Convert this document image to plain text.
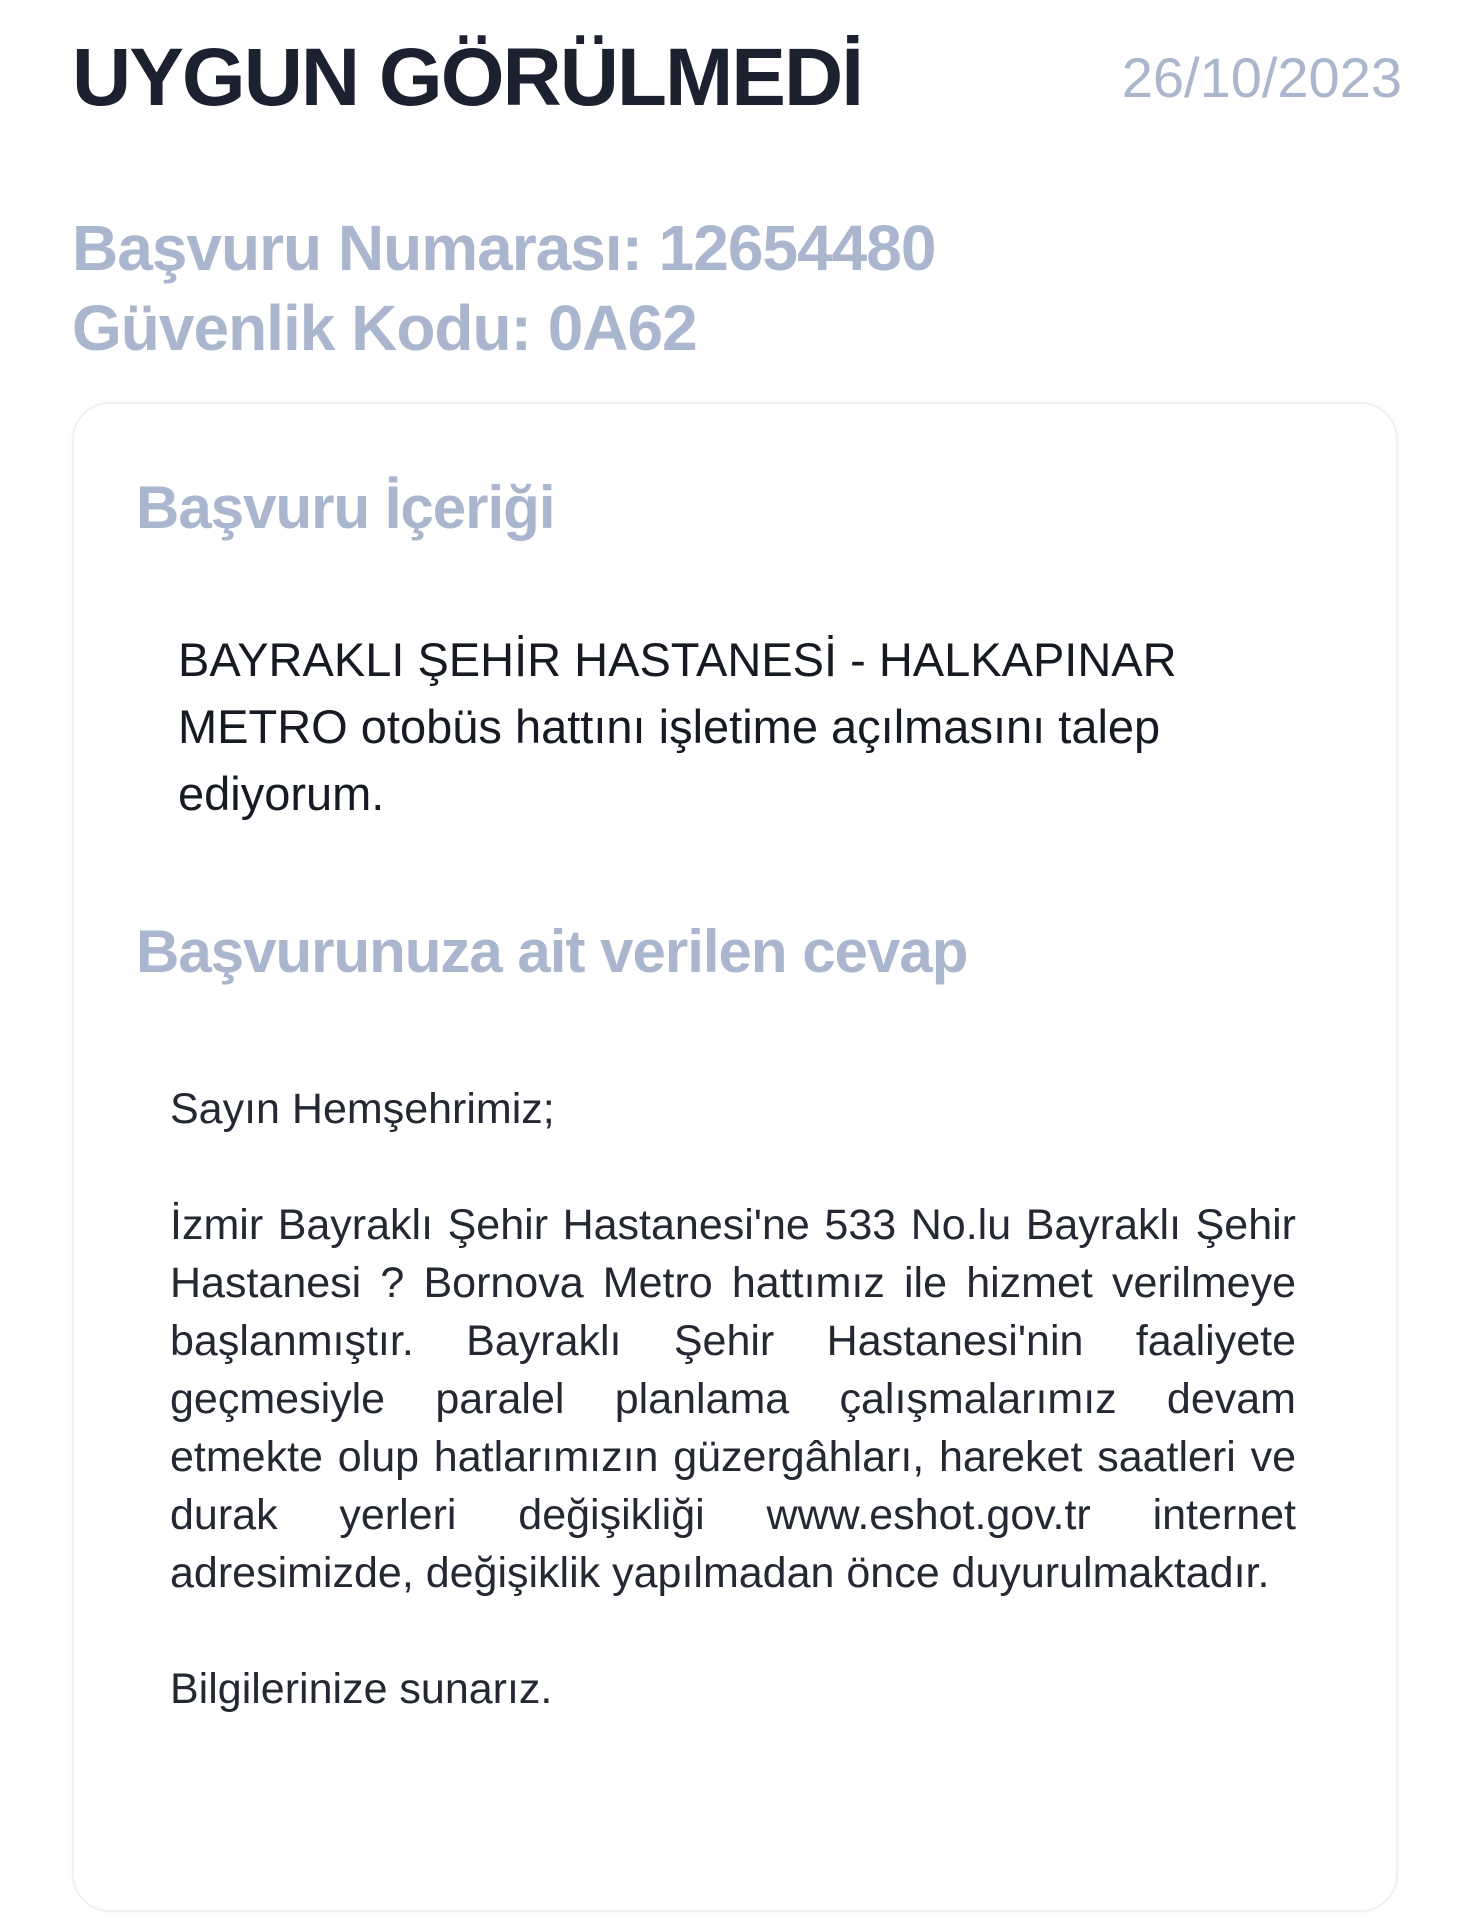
UYGUN GÖRÜLMEDİ	26/10/2023
Başvuru Numarası: 12654480
Güvenlik Kodu: 0A62
Başvuru İçeriği

BAYRAKLI ŞEHİR HASTANESİ - HALKAPINAR METRO otobüs hattını işletime açılmasını talep ediyorum.

Başvurunuza ait verilen cevap

Sayın Hemşehrimiz;

İzmir Bayraklı Şehir Hastanesi'ne 533 No.lu Bayraklı Şehir Hastanesi ? Bornova Metro hattımız ile hizmet verilmeye başlanmıştır. Bayraklı Şehir Hastanesi'nin faaliyete geçmesiyle paralel planlama çalışmalarımız devam etmekte olup hatlarımızın güzergâhları, hareket saatleri ve durak yerleri değişikliği www.eshot.gov.tr internet adresimizde, değişiklik yapılmadan önce duyurulmaktadır.

Bilgilerinize sunarız.
